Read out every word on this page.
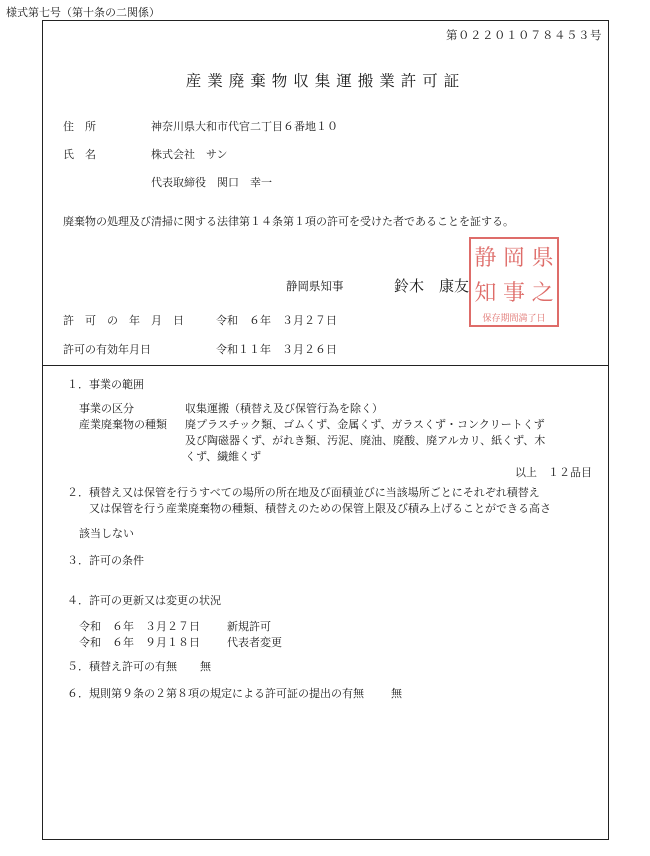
様式第七号（第十条の二関係）
第０２２０１０７８４５３号
産業廃棄物収集運搬業許可証
住　所	神奈川県大和市代官二丁目６番地１０
氏　名	株式会社　サン
代表取締役　関口　幸一
廃棄物の処理及び清掃に関する法律第１４条第１項の許可を受けた者であることを証する。
静岡県知事	鈴木　康友
静 岡 県
知 事 之
保存期間満了日
許　可　の　年　月　日	令和　６年　３月２７日
許可の有効年月日	令和１１年　３月２６日
１．事業の範囲
事業の区分	収集運搬（積替え及び保管行為を除く）
産業廃棄物の種類 廃プラスチック類、ゴムくず、金属くず、ガラスくず・コンクリートくず
及び陶磁器くず、がれき類、汚泥、廃油、廃酸、廃アルカリ、紙くず、木
くず、繊維くず
以上　１２品目
２．積替え又は保管を行うすべての場所の所在地及び面積並びに当該場所ごとにそれぞれ積替え
又は保管を行う産業廃棄物の種類、積替えのための保管上限及び積み上げることができる高さ
該当しない
３．許可の条件
４．許可の更新又は変更の状況
令和　６年　３月２７日 新規許可
令和　６年　９月１８日 代表者変更
５．積替え許可の有無 無
６．規則第９条の２第８項の規定による許可証の提出の有無 無
